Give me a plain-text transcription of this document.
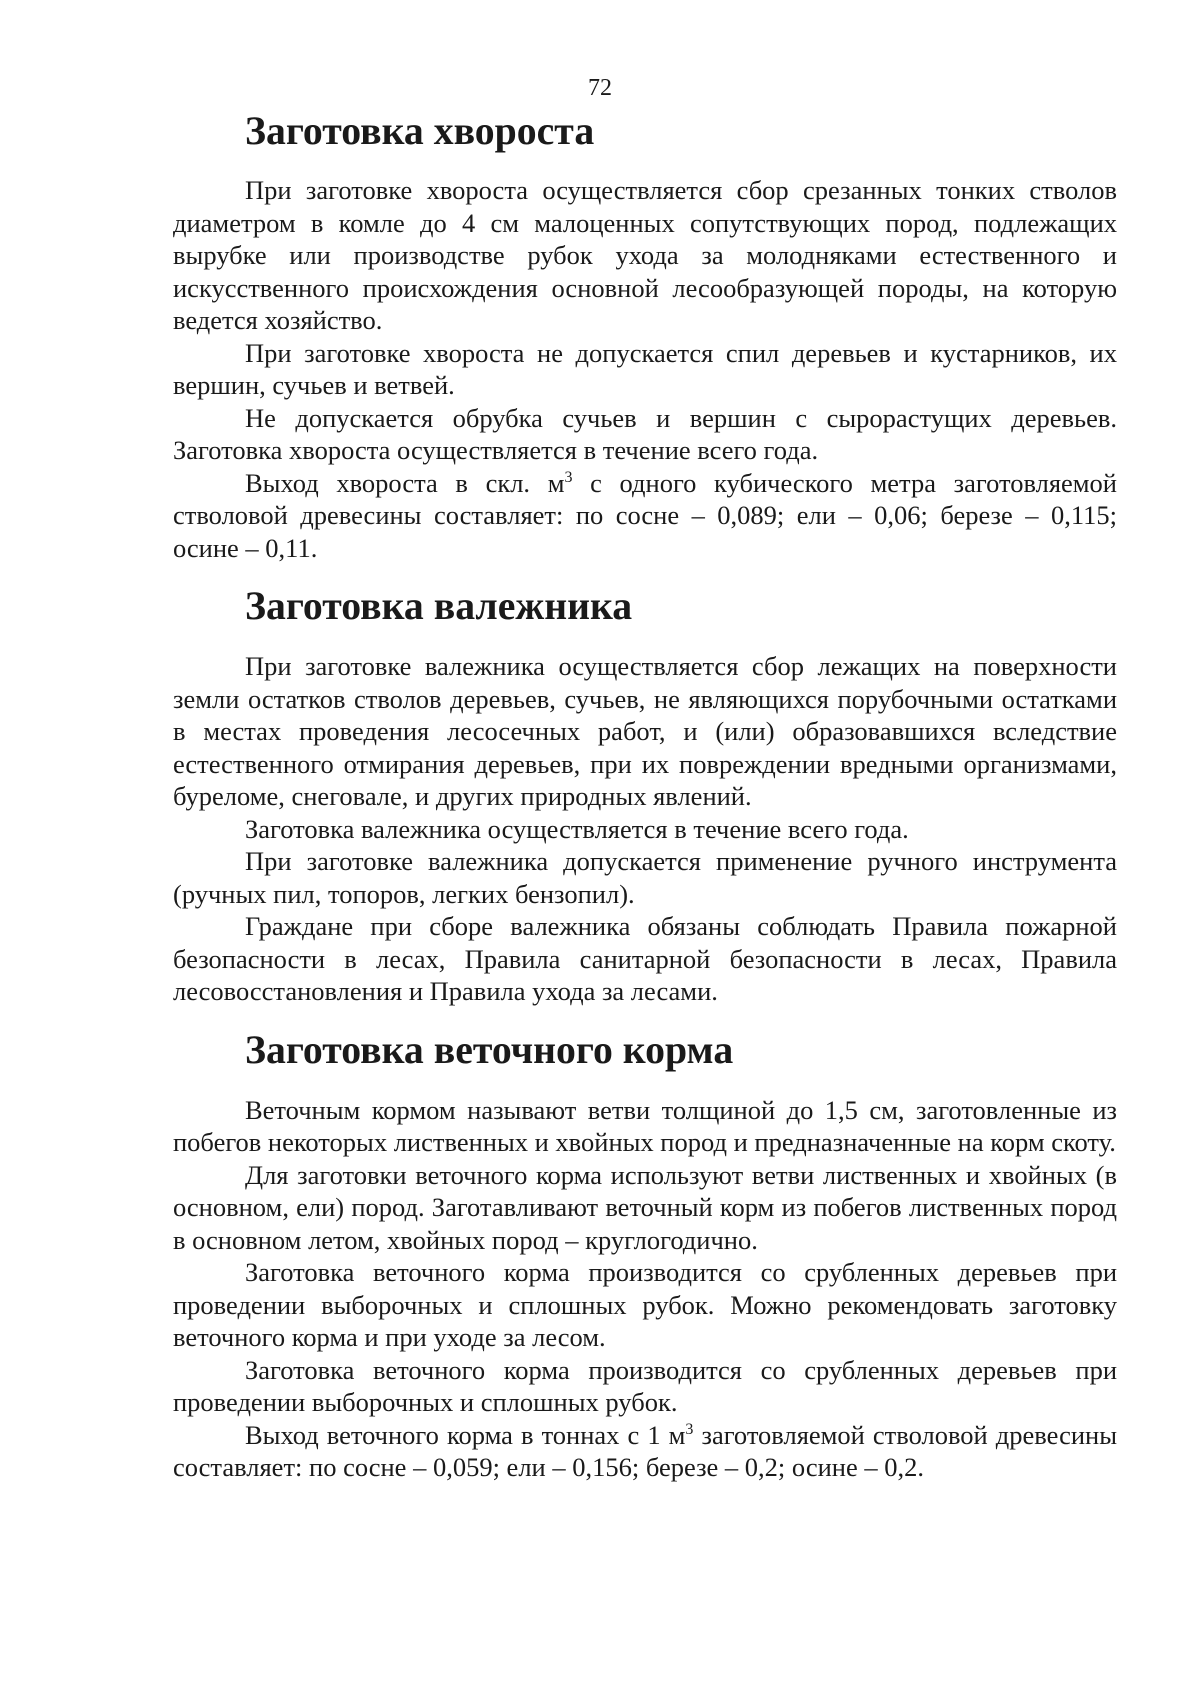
72
Заготовка хвороста

При заготовке хвороста осуществляется сбор срезанных тонких стволов диаметром в комле до 4 см малоценных сопутствующих пород, подлежащих вырубке или производстве рубок ухода за молодняками естественного и искусственного происхождения основной лесообразующей породы, на которую ведется хозяйство.

При заготовке хвороста не допускается спил деревьев и кустарников, их вершин, сучьев и ветвей.

Не допускается обрубка сучьев и вершин с сырорастущих деревьев. Заготовка хвороста осуществляется в течение всего года.

Выход хвороста в скл. $м^3$ с одного кубического метра заготовляемой стволовой древесины составляет: по сосне – 0,089; ели – 0,06; березе – 0,115; осине – 0,11.

Заготовка валежника

При заготовке валежника осуществляется сбор лежащих на поверхности земли остатков стволов деревьев, сучьев, не являющихся порубочными остатками в местах проведения лесосечных работ, и (или) образовавшихся вследствие естественного отмирания деревьев, при их повреждении вредными организмами, буреломе, снеговале, и других природных явлений.

Заготовка валежника осуществляется в течение всего года.

При заготовке валежника допускается применение ручного инструмента (ручных пил, топоров, легких бензопил).

Граждане при сборе валежника обязаны соблюдать Правила пожарной безопасности в лесах, Правила санитарной безопасности в лесах, Правила лесовосстановления и Правила ухода за лесами.

Заготовка веточного корма

Веточным кормом называют ветви толщиной до 1,5 см, заготовленные из побегов некоторых лиственных и хвойных пород и предназначенные на корм скоту.

Для заготовки веточного корма используют ветви лиственных и хвойных (в основном, ели) пород. Заготавливают веточный корм из побегов лиственных пород в основном летом, хвойных пород – круглогодично.

Заготовка веточного корма производится со срубленных деревьев при проведении выборочных и сплошных рубок. Можно рекомендовать заготовку веточного корма и при уходе за лесом.

Заготовка веточного корма производится со срубленных деревьев при проведении выборочных и сплошных рубок.

Выход веточного корма в тоннах с 1 $м^3$ заготовляемой стволовой древесины составляет: по сосне – 0,059; ели – 0,156; березе – 0,2; осине – 0,2.
